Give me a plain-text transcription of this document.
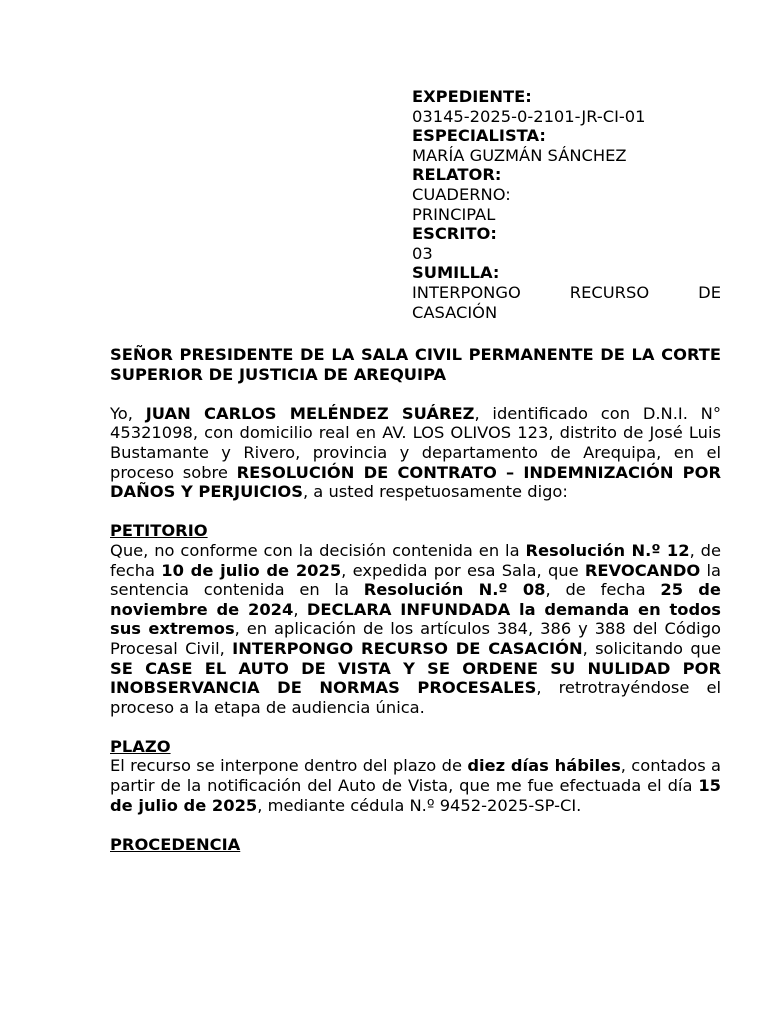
EXPEDIENTE:
03145-2025-0-2101-JR-CI-01
ESPECIALISTA:
MARÍA GUZMÁN SÁNCHEZ
RELATOR:
CUADERNO:
PRINCIPAL
ESCRITO:
03
SUMILLA:
INTERPONGO RECURSO DE
CASACIÓN

SEÑOR PRESIDENTE DE LA SALA CIVIL PERMANENTE DE LA CORTE SUPERIOR DE JUSTICIA DE AREQUIPA

Yo, JUAN CARLOS MELÉNDEZ SUÁREZ, identificado con D.N.I. N° 45321098, con domicilio real en AV. LOS OLIVOS 123, distrito de José Luis Bustamante y Rivero, provincia y departamento de Arequipa, en el proceso sobre RESOLUCIÓN DE CONTRATO – INDEMNIZACIÓN POR DAÑOS Y PERJUICIOS, a usted respetuosamente digo:

PETITORIO

Que, no conforme con la decisión contenida en la Resolución N.º 12, de fecha 10 de julio de 2025, expedida por esa Sala, que REVOCANDO la sentencia contenida en la Resolución N.º 08, de fecha 25 de noviembre de 2024, DECLARA INFUNDADA la demanda en todos sus extremos, en aplicación de los artículos 384, 386 y 388 del Código Procesal Civil, INTERPONGO RECURSO DE CASACIÓN, solicitando que SE CASE EL AUTO DE VISTA Y SE ORDENE SU NULIDAD POR INOBSERVANCIA DE NORMAS PROCESALES, retrotrayéndose el proceso a la etapa de audiencia única.

PLAZO

El recurso se interpone dentro del plazo de diez días hábiles, contados a partir de la notificación del Auto de Vista, que me fue efectuada el día 15 de julio de 2025, mediante cédula N.º 9452-2025-SP-CI.

PROCEDENCIA
